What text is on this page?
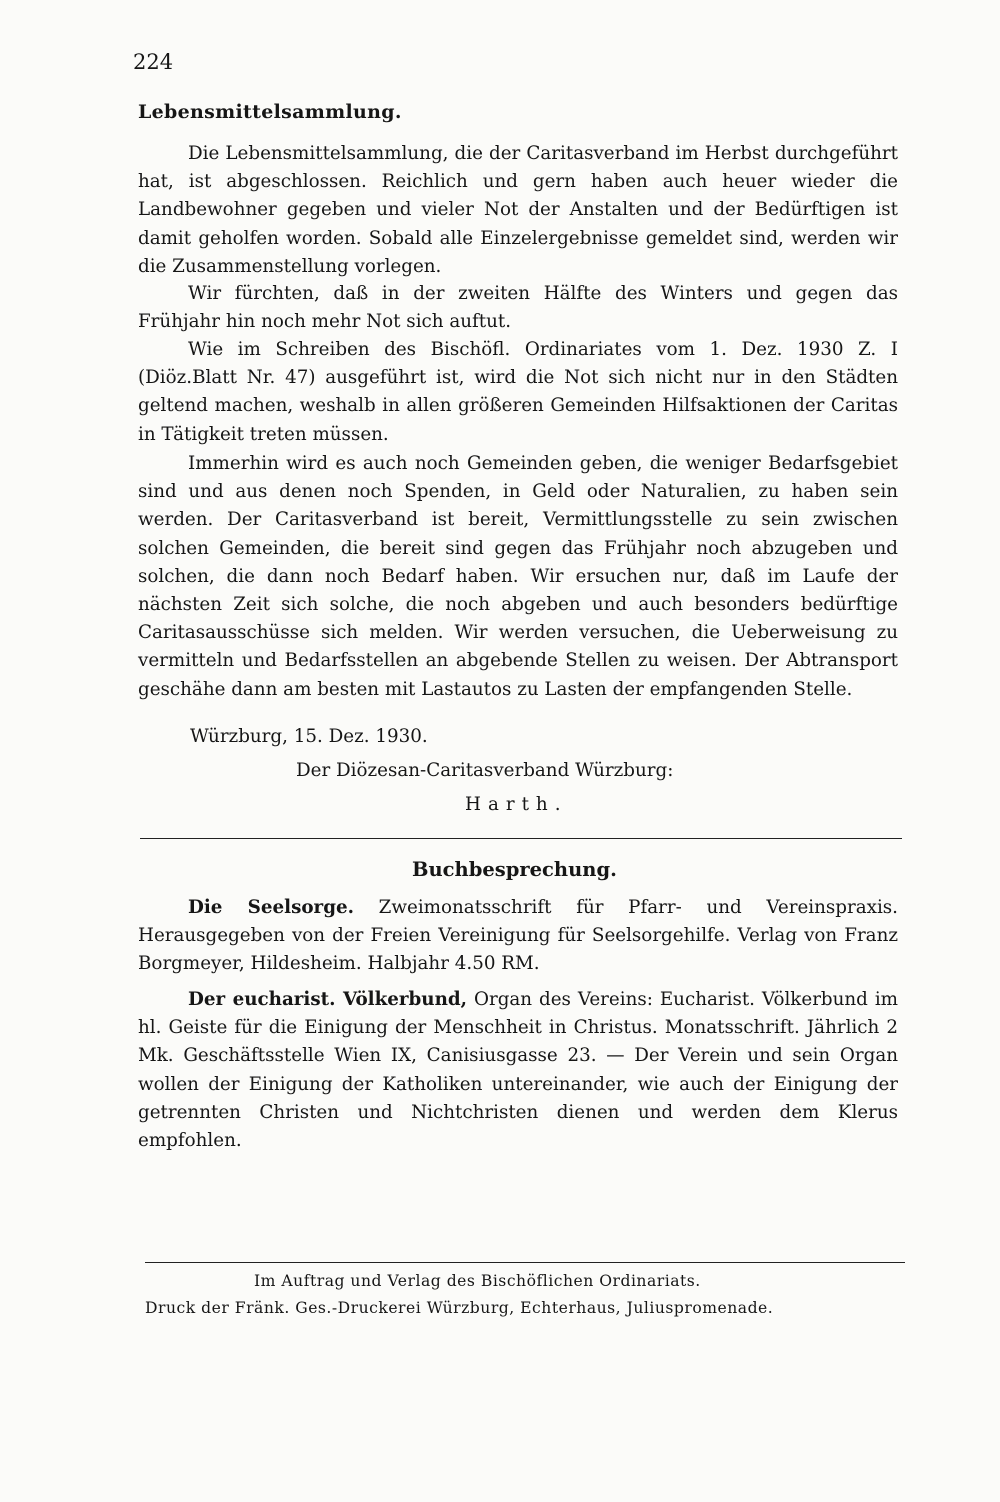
224
Lebensmittelsammlung.

Die Lebensmittelsammlung, die der Caritasverband im Herbst durchgeführt hat, ist abgeschlossen. Reichlich und gern haben auch heuer wieder die Landbewohner gegeben und vieler Not der Anstalten und der Bedürftigen ist damit geholfen worden. Sobald alle Einzelergebnisse gemeldet sind, werden wir die Zusammenstellung vorlegen.

Wir fürchten, daß in der zweiten Hälfte des Winters und gegen das Frühjahr hin noch mehr Not sich auftut.

Wie im Schreiben des Bischöfl. Ordinariates vom 1. Dez. 1930 Z. I (Diöz.Blatt Nr. 47) ausgeführt ist, wird die Not sich nicht nur in den Städten geltend machen, weshalb in allen größeren Gemeinden Hilfsaktionen der Caritas in Tätigkeit treten müssen.

Immerhin wird es auch noch Gemeinden geben, die weniger Bedarfsgebiet sind und aus denen noch Spenden, in Geld oder Naturalien, zu haben sein werden. Der Caritasverband ist bereit, Vermittlungsstelle zu sein zwischen solchen Gemeinden, die bereit sind gegen das Frühjahr noch abzugeben und solchen, die dann noch Bedarf haben. Wir ersuchen nur, daß im Laufe der nächsten Zeit sich solche, die noch abgeben und auch besonders bedürftige Caritasausschüsse sich melden. Wir werden versuchen, die Ueberweisung zu vermitteln und Bedarfsstellen an abgebende Stellen zu weisen. Der Abtransport geschähe dann am besten mit Lastautos zu Lasten der empfangenden Stelle.

Würzburg, 15. Dez. 1930.
Der Diözesan-Caritasverband Würzburg:
Harth.
Buchbesprechung.

Die Seelsorge. Zweimonatsschrift für Pfarr- und Vereinspraxis. Herausgegeben von der Freien Vereinigung für Seelsorgehilfe. Verlag von Franz Borgmeyer, Hildesheim. Halbjahr 4.50 RM.

Der eucharist. Völkerbund, Organ des Vereins: Eucharist. Völkerbund im hl. Geiste für die Einigung der Menschheit in Christus. Monatsschrift. Jährlich 2 Mk. Geschäftsstelle Wien IX, Canisiusgasse 23. — Der Verein und sein Organ wollen der Einigung der Katholiken untereinander, wie auch der Einigung der getrennten Christen und Nichtchristen dienen und werden dem Klerus empfohlen.

Im Auftrag und Verlag des Bischöflichen Ordinariats.
Druck der Fränk. Ges.-Druckerei Würzburg, Echterhaus, Juliuspromenade.
